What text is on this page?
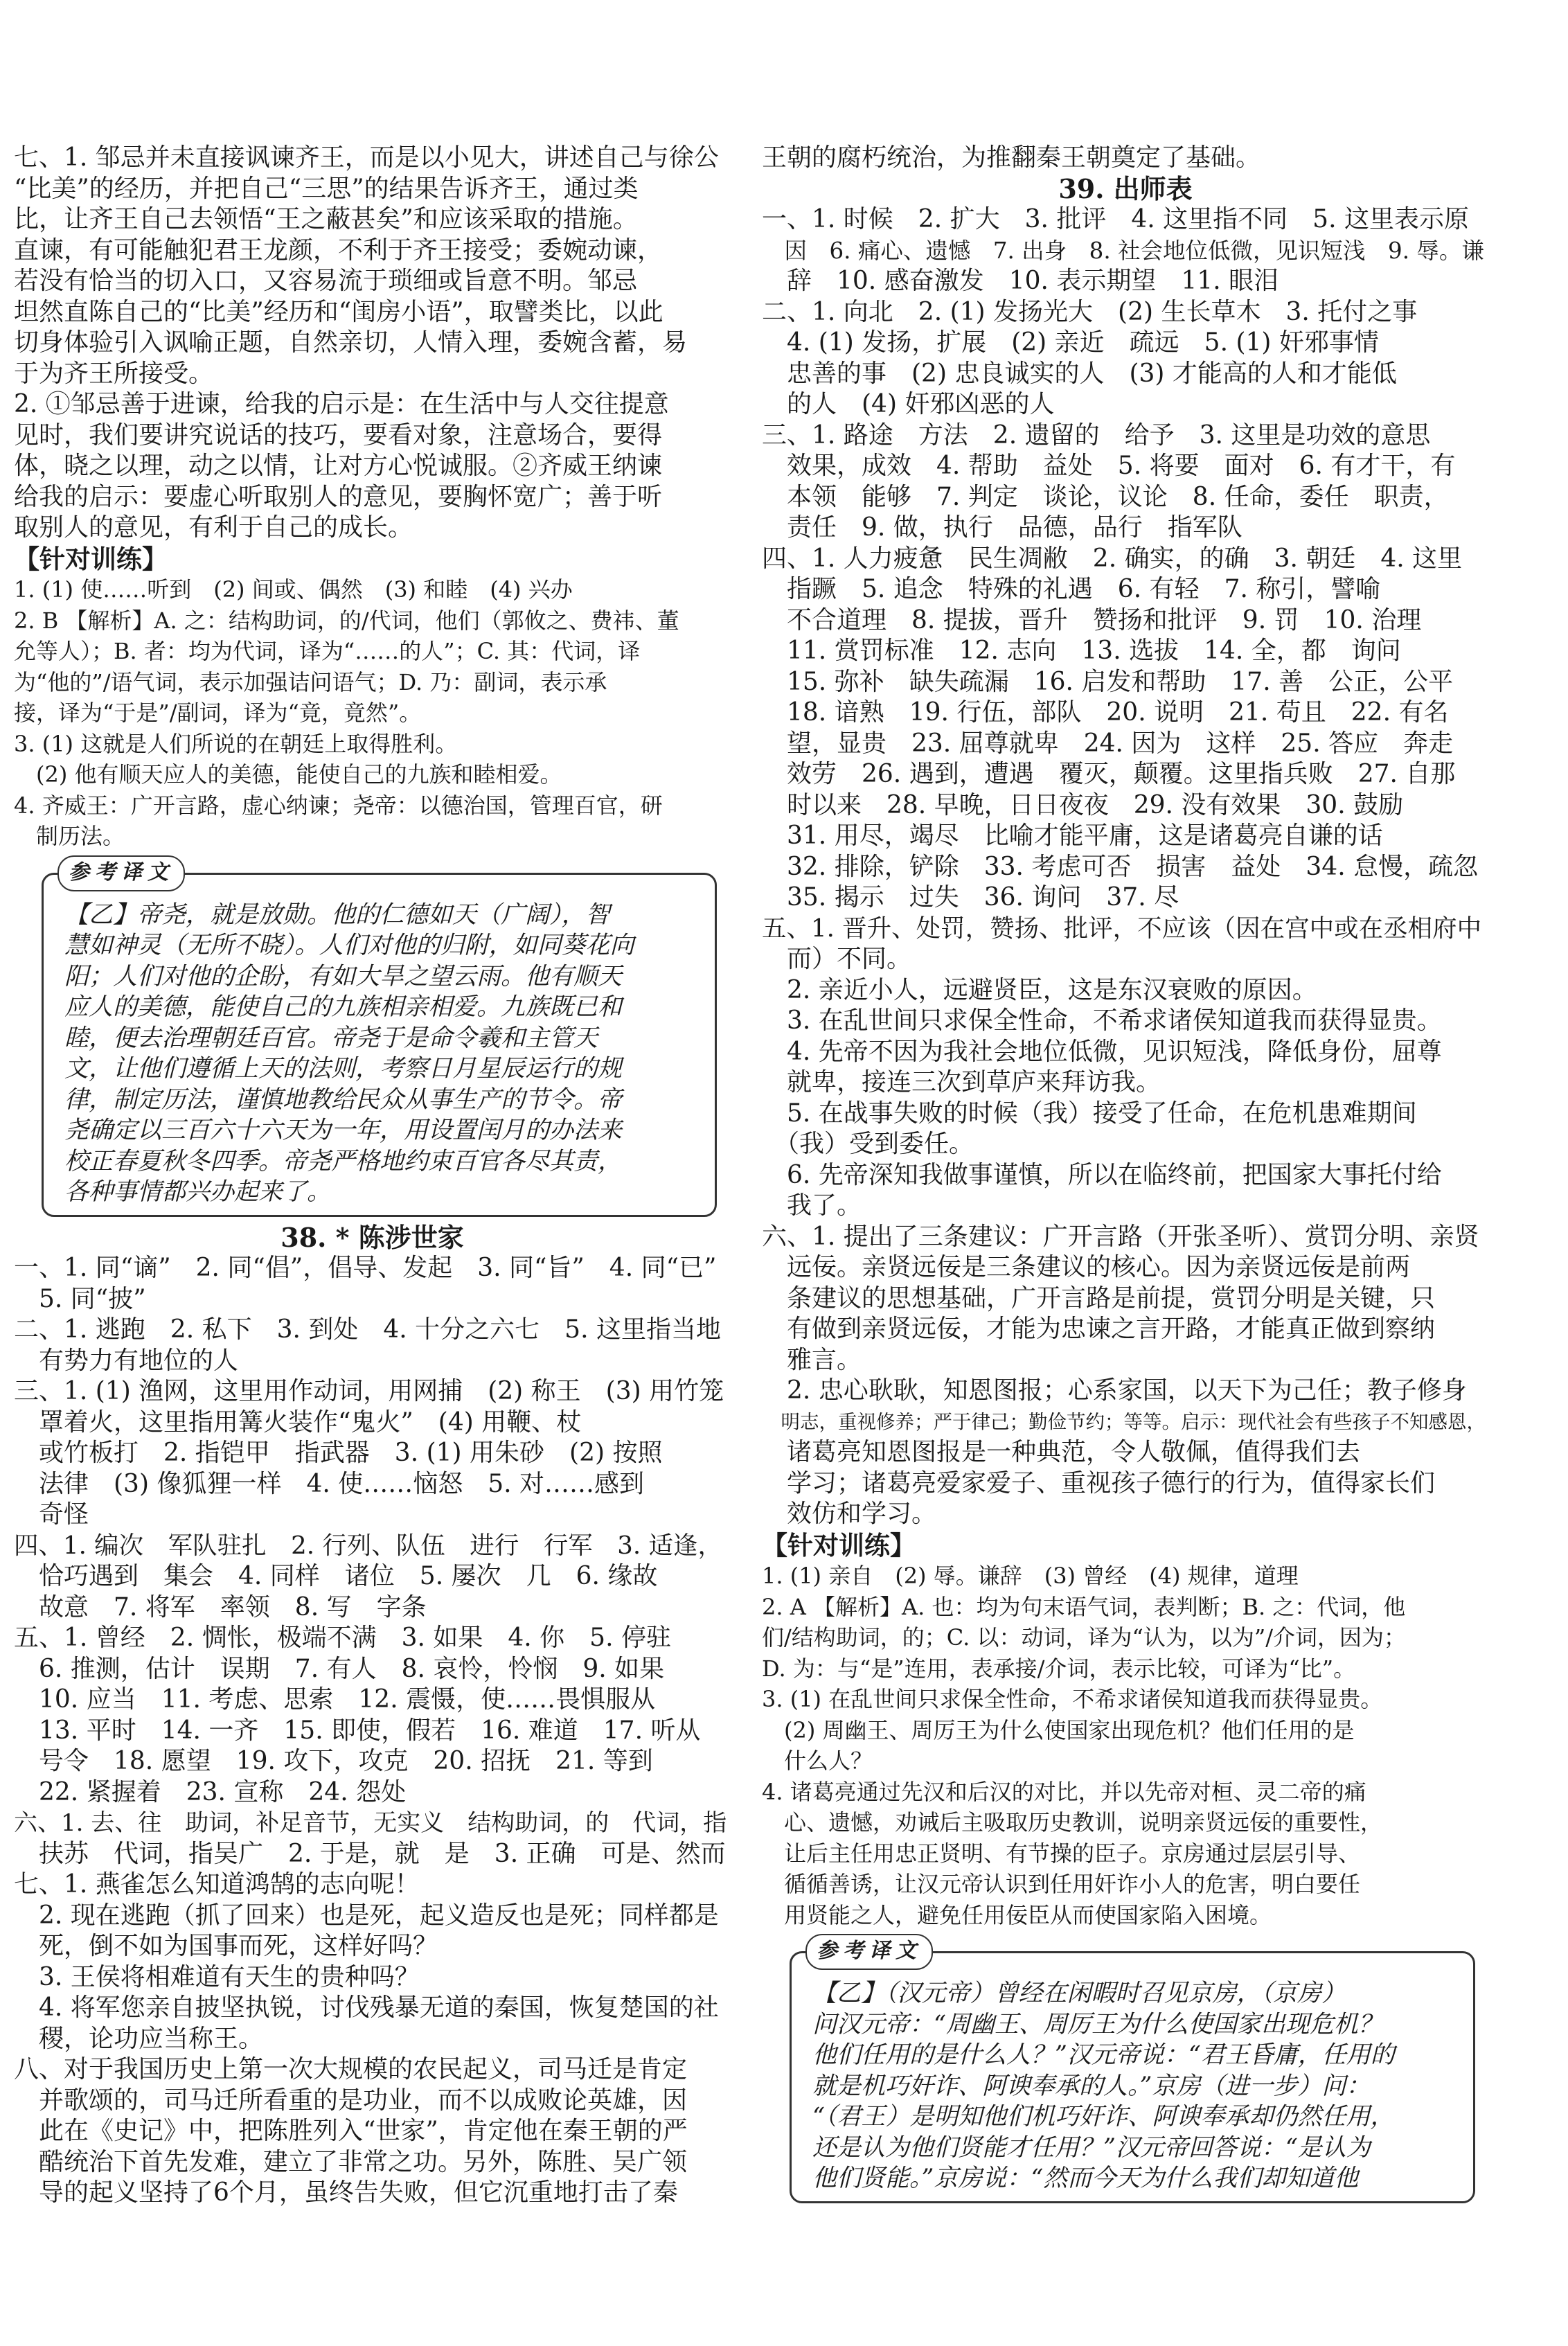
七、1. 邹忌并未直接讽谏齐王，而是以小见大，讲述自己与徐公

“比美”的经历，并把自己“三思”的结果告诉齐王，通过类

比，让齐王自己去领悟“王之蔽甚矣”和应该采取的措施。

直谏，有可能触犯君王龙颜，不利于齐王接受；委婉动谏，

若没有恰当的切入口，又容易流于琐细或旨意不明。邹忌

坦然直陈自己的“比美”经历和“闺房小语”，取譬类比，以此

切身体验引入讽喻正题，自然亲切，人情入理，委婉含蓄，易

于为齐王所接受。

2. ①邹忌善于进谏，给我的启示是：在生活中与人交往提意

见时，我们要讲究说话的技巧，要看对象，注意场合，要得

体，晓之以理，动之以情，让对方心悦诚服。②齐威王纳谏

给我的启示：要虚心听取别人的意见，要胸怀宽广；善于听

取别人的意见，有利于自己的成长。

【针对训练】

1. (1) 使……听到　(2) 间或、偶然　(3) 和睦　(4) 兴办

2. B 【解析】A. 之：结构助词，的/代词，他们（郭攸之、费祎、董

允等人）；B. 者：均为代词，译为“……的人”；C. 其：代词，译

为“他的”/语气词，表示加强诘问语气；D. 乃：副词，表示承

接，译为“于是”/副词，译为“竟，竟然”。

3. (1) 这就是人们所说的在朝廷上取得胜利。

　(2) 他有顺天应人的美德，能使自己的九族和睦相爱。

4. 齐威王：广开言路，虚心纳谏；尧帝：以德治国，管理百官，研

　制历法。

参考译文

【乙】帝尧，就是放勋。他的仁德如天（广阔），智

慧如神灵（无所不晓）。人们对他的归附，如同葵花向

阳；人们对他的企盼，有如大旱之望云雨。他有顺天

应人的美德，能使自己的九族相亲相爱。九族既已和

睦，便去治理朝廷百官。帝尧于是命令羲和主管天

文，让他们遵循上天的法则，考察日月星辰运行的规

律，制定历法，谨慎地教给民众从事生产的节令。帝

尧确定以三百六十六天为一年，用设置闰月的办法来

校正春夏秋冬四季。帝尧严格地约束百官各尽其责，

各种事情都兴办起来了。

38. * 陈涉世家

一、1. 同“谪”　2. 同“倡”，倡导、发起　3. 同“旨”　4. 同“已”

　5. 同“披”

二、1. 逃跑　2. 私下　3. 到处　4. 十分之六七　5. 这里指当地

　有势力有地位的人

三、1. (1) 渔网，这里用作动词，用网捕　(2) 称王　(3) 用竹笼

　罩着火，这里指用篝火装作“鬼火”　(4) 用鞭、杖

　或竹板打　2. 指铠甲　指武器　3. (1) 用朱砂　(2) 按照

　法律　(3) 像狐狸一样　4. 使……恼怒　5. 对……感到

　奇怪

四、1. 编次　军队驻扎　2. 行列、队伍　进行　行军　3. 适逢，

　恰巧遇到　集会　4. 同样　诸位　5. 屡次　几　6. 缘故

　故意　7. 将军　率领　8. 写　字条

五、1. 曾经　2. 惆怅，极端不满　3. 如果　4. 你　5. 停驻

　6. 推测，估计　误期　7. 有人　8. 哀怜，怜悯　9. 如果

　10. 应当　11. 考虑、思索　12. 震慑，使……畏惧服从

　13. 平时　14. 一齐　15. 即使，假若　16. 难道　17. 听从

　号令　18. 愿望　19. 攻下，攻克　20. 招抚　21. 等到

　22. 紧握着　23. 宣称　24. 怨处

六、1. 去、往　助词，补足音节，无实义　结构助词，的　代词，指

　扶苏　代词，指吴广　2. 于是，就　是　3. 正确　可是、然而

七、1. 燕雀怎么知道鸿鹄的志向呢！

　2. 现在逃跑（抓了回来）也是死，起义造反也是死；同样都是

　死，倒不如为国事而死，这样好吗？

　3. 王侯将相难道有天生的贵种吗？

　4. 将军您亲自披坚执锐，讨伐残暴无道的秦国，恢复楚国的社

　稷，论功应当称王。

八、对于我国历史上第一次大规模的农民起义，司马迁是肯定

　并歌颂的，司马迁所看重的是功业，而不以成败论英雄，因

　此在《史记》中，把陈胜列入“世家”，肯定他在秦王朝的严

　酷统治下首先发难，建立了非常之功。另外，陈胜、吴广领

　导的起义坚持了6个月，虽终告失败，但它沉重地打击了秦

王朝的腐朽统治，为推翻秦王朝奠定了基础。

39. 出师表

一、1. 时候　2. 扩大　3. 批评　4. 这里指不同　5. 这里表示原

　因　6. 痛心、遗憾　7. 出身　8. 社会地位低微，见识短浅　9. 辱。谦

　辞　10. 感奋激发　10. 表示期望　11. 眼泪

二、1. 向北　2. (1) 发扬光大　(2) 生长草木　3. 托付之事

　4. (1) 发扬，扩展　(2) 亲近　疏远　5. (1) 奸邪事情

　忠善的事　(2) 忠良诚实的人　(3) 才能高的人和才能低

　的人　(4) 奸邪凶恶的人

三、1. 路途　方法　2. 遗留的　给予　3. 这里是功效的意思

　效果，成效　4. 帮助　益处　5. 将要　面对　6. 有才干，有

　本领　能够　7. 判定　谈论，议论　8. 任命，委任　职责，

　责任　9. 做，执行　品德，品行　指军队

四、1. 人力疲惫　民生凋敝　2. 确实，的确　3. 朝廷　4. 这里

　指蹶　5. 追念　特殊的礼遇　6. 有轻　7. 称引，譬喻

　不合道理　8. 提拔，晋升　赞扬和批评　9. 罚　10. 治理

　11. 赏罚标准　12. 志向　13. 选拔　14. 全，都　询问

　15. 弥补　缺失疏漏　16. 启发和帮助　17. 善　公正，公平

　18. 谙熟　19. 行伍，部队　20. 说明　21. 苟且　22. 有名

　望，显贵　23. 屈尊就卑　24. 因为　这样　25. 答应　奔走

　效劳　26. 遇到，遭遇　覆灭，颠覆。这里指兵败　27. 自那

　时以来　28. 早晚，日日夜夜　29. 没有效果　30. 鼓励

　31. 用尽，竭尽　比喻才能平庸，这是诸葛亮自谦的话

　32. 排除，铲除　33. 考虑可否　损害　益处　34. 怠慢，疏忽

　35. 揭示　过失　36. 询问　37. 尽

五、1. 晋升、处罚，赞扬、批评，不应该（因在宫中或在丞相府中

　而）不同。

　2. 亲近小人，远避贤臣，这是东汉衰败的原因。

　3. 在乱世间只求保全性命，不希求诸侯知道我而获得显贵。

　4. 先帝不因为我社会地位低微，见识短浅，降低身份，屈尊

　就卑，接连三次到草庐来拜访我。

　5. 在战事失败的时候（我）接受了任命，在危机患难期间

　（我）受到委任。

　6. 先帝深知我做事谨慎，所以在临终前，把国家大事托付给

　我了。

六、1. 提出了三条建议：广开言路（开张圣听）、赏罚分明、亲贤

　远佞。亲贤远佞是三条建议的核心。因为亲贤远佞是前两

　条建议的思想基础，广开言路是前提，赏罚分明是关键，只

　有做到亲贤远佞，才能为忠谏之言开路，才能真正做到察纳

　雅言。

　2. 忠心耿耿，知恩图报；心系家国，以天下为己任；教子修身

　明志，重视修养；严于律己；勤俭节约；等等。启示：现代社会有些孩子不知感恩，

　诸葛亮知恩图报是一种典范，令人敬佩，值得我们去

　学习；诸葛亮爱家爱子、重视孩子德行的行为，值得家长们

　效仿和学习。

【针对训练】

1. (1) 亲自　(2) 辱。谦辞　(3) 曾经　(4) 规律，道理

2. A 【解析】A. 也：均为句末语气词，表判断；B. 之：代词，他

们/结构助词，的；C. 以：动词，译为“认为，以为”/介词，因为；

D. 为：与“是”连用，表承接/介词，表示比较，可译为“比”。

3. (1) 在乱世间只求保全性命，不希求诸侯知道我而获得显贵。

　(2) 周幽王、周厉王为什么使国家出现危机？他们任用的是

　什么人？

4. 诸葛亮通过先汉和后汉的对比，并以先帝对桓、灵二帝的痛

　心、遗憾，劝诫后主吸取历史教训，说明亲贤远佞的重要性，

　让后主任用忠正贤明、有节操的臣子。京房通过层层引导、

　循循善诱，让汉元帝认识到任用奸诈小人的危害，明白要任

　用贤能之人，避免任用佞臣从而使国家陷入困境。

参考译文

【乙】（汉元帝）曾经在闲暇时召见京房，（京房）

问汉元帝：“周幽王、周厉王为什么使国家出现危机？

他们任用的是什么人？”汉元帝说：“君王昏庸，任用的

就是机巧奸诈、阿谀奉承的人。”京房（进一步）问：

“（君王）是明知他们机巧奸诈、阿谀奉承却仍然任用，

还是认为他们贤能才任用？”汉元帝回答说：“是认为

他们贤能。”京房说：“然而今天为什么我们却知道他
